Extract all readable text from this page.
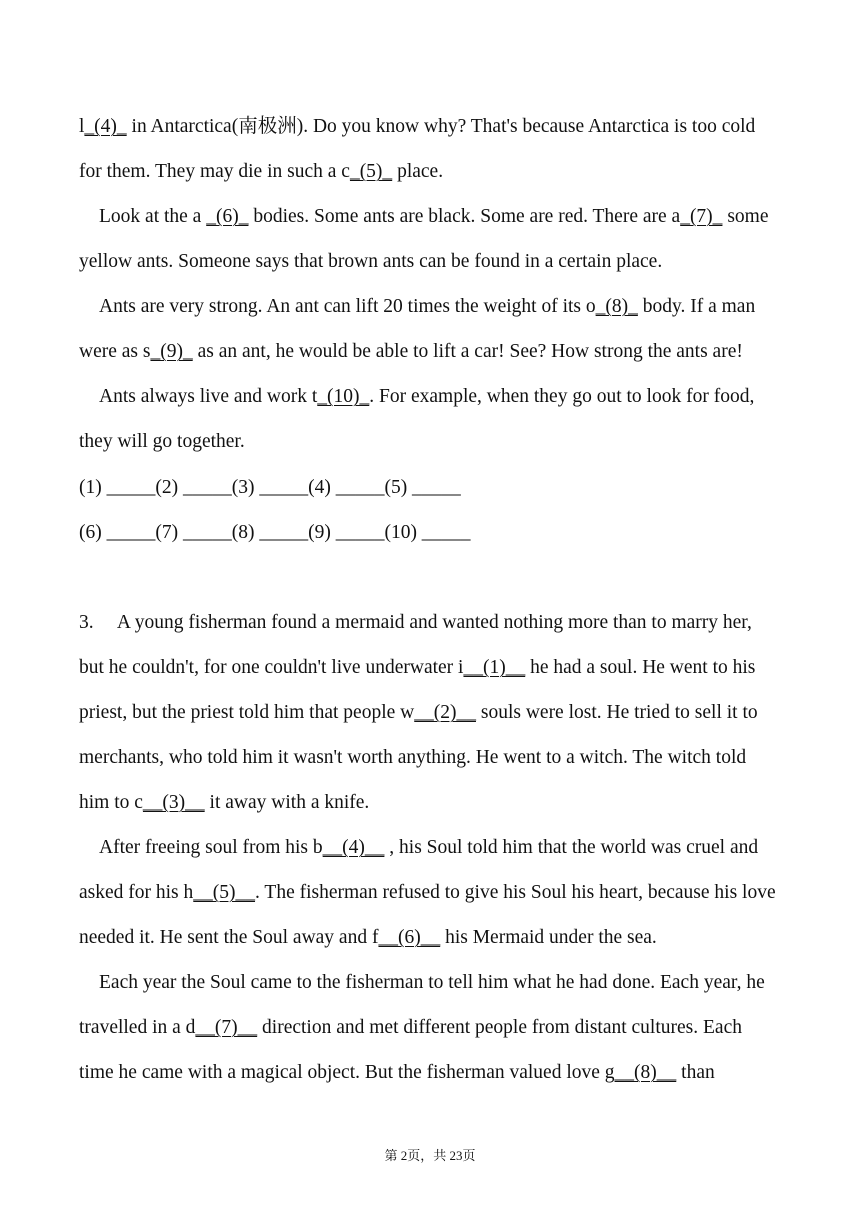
l_(4)_ in Antarctica(南极洲). Do you know why? That's because Antarctica is too cold
for them. They may die in such a c_(5)_ place.
Look at the a _(6)_ bodies. Some ants are black. Some are red. There are a_(7)_ some
yellow ants. Someone says that brown ants can be found in a certain place.
Ants are very strong. An ant can lift 20 times the weight of its o_(8)_ body. If a man
were as s_(9)_ as an ant, he would be able to lift a car! See? How strong the ants are!
Ants always live and work t_(10)_. For example, when they go out to look for food,
they will go together.
(1) _____(2) _____(3) _____(4) _____(5) _____
(6) _____(7) _____(8) _____(9) _____(10) _____
3.     A young fisherman found a mermaid and wanted nothing more than to marry her,
but he couldn't, for one couldn't live underwater i__(1)__ he had a soul. He went to his
priest, but the priest told him that people w__(2)__ souls were lost. He tried to sell it to
merchants, who told him it wasn't worth anything. He went to a witch. The witch told
him to c__(3)__ it away with a knife.
After freeing soul from his b__(4)__ , his Soul told him that the world was cruel and
asked for his h__(5)__. The fisherman refused to give his Soul his heart, because his love
needed it. He sent the Soul away and f__(6)__ his Mermaid under the sea.
Each year the Soul came to the fisherman to tell him what he had done. Each year, he
travelled in a d__(7)__ direction and met different people from distant cultures. Each
time he came with a magical object. But the fisherman valued love g__(8)__ than
第 2页，共 23页
